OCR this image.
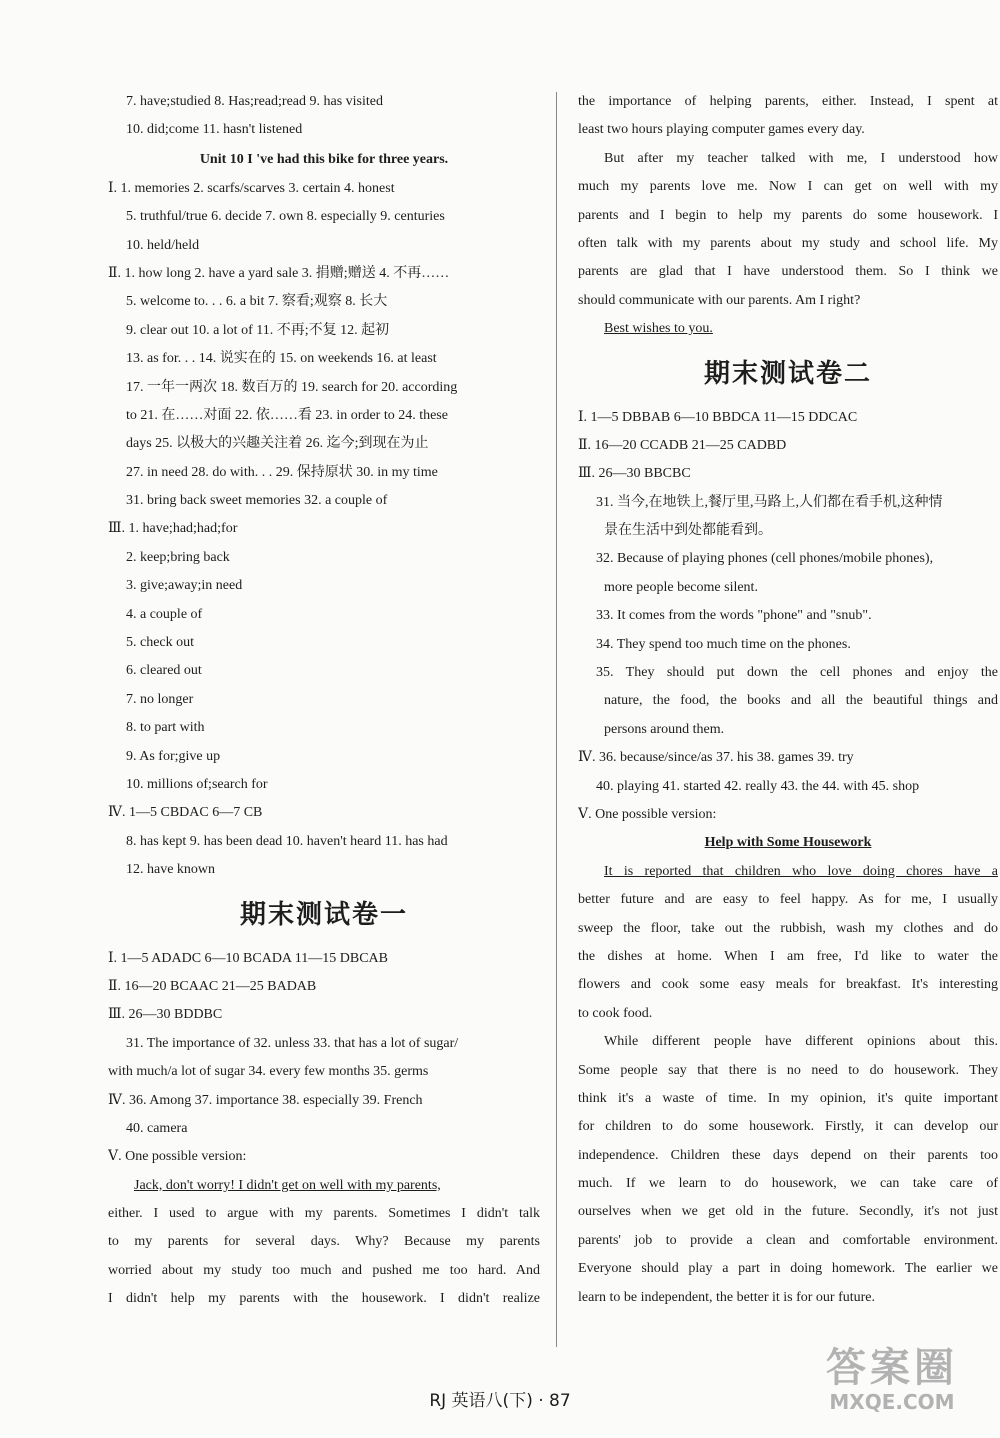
7. have;studied 8. Has;read;read 9. has visited
10. did;come 11. hasn't listened
Unit 10 I 've had this bike for three years.
Ⅰ. 1. memories 2. scarfs/scarves 3. certain 4. honest
5. truthful/true 6. decide 7. own 8. especially 9. centuries
10. held/held
Ⅱ. 1. how long 2. have a yard sale 3. 捐赠;赠送 4. 不再……
5. welcome to. . . 6. a bit 7. 察看;观察 8. 长大
9. clear out 10. a lot of 11. 不再;不复 12. 起初
13. as for. . . 14. 说实在的 15. on weekends 16. at least
17. 一年一两次 18. 数百万的 19. search for 20. according
to 21. 在……对面 22. 依……看 23. in order to 24. these
days 25. 以极大的兴趣关注着 26. 迄今;到现在为止
27. in need 28. do with. . . 29. 保持原状 30. in my time
31. bring back sweet memories 32. a couple of
Ⅲ. 1. have;had;had;for
2. keep;bring back
3. give;away;in need
4. a couple of
5. check out
6. cleared out
7. no longer
8. to part with
9. As for;give up
10. millions of;search for
Ⅳ. 1—5 CBDAC 6—7 CB
8. has kept 9. has been dead 10. haven't heard 11. has had
12. have known
期末测试卷一
Ⅰ. 1—5 ADADC 6—10 BCADA 11—15 DBCAB
Ⅱ. 16—20 BCAAC 21—25 BADAB
Ⅲ. 26—30 BDDBC
31. The importance of 32. unless 33. that has a lot of sugar/
with much/a lot of sugar 34. every few months 35. germs
Ⅳ. 36. Among 37. importance 38. especially 39. French
40. camera
Ⅴ. One possible version:
Jack, don't worry! I didn't get on well with my parents,
either. I used to argue with my parents. Sometimes I didn't talk
to my parents for several days. Why? Because my parents
worried about my study too much and pushed me too hard. And
I didn't help my parents with the housework. I didn't realize
the importance of helping parents, either. Instead, I spent at
least two hours playing computer games every day.
But after my teacher talked with me, I understood how
much my parents love me. Now I can get on well with my
parents and I begin to help my parents do some housework. I
often talk with my parents about my study and school life. My
parents are glad that I have understood them. So I think we
should communicate with our parents. Am I right?
Best wishes to you.
期末测试卷二
Ⅰ. 1—5 DBBAB 6—10 BBDCA 11—15 DDCAC
Ⅱ. 16—20 CCADB 21—25 CADBD
Ⅲ. 26—30 BBCBC
31. 当今,在地铁上,餐厅里,马路上,人们都在看手机,这种情
景在生活中到处都能看到。
32. Because of playing phones (cell phones/mobile phones),
more people become silent.
33. It comes from the words "phone" and "snub".
34. They spend too much time on the phones.
35. They should put down the cell phones and enjoy the
nature, the food, the books and all the beautiful things and
persons around them.
Ⅳ. 36. because/since/as 37. his 38. games 39. try
40. playing 41. started 42. really 43. the 44. with 45. shop
Ⅴ. One possible version:
Help with Some Housework
It is reported that children who love doing chores have a
better future and are easy to feel happy. As for me, I usually
sweep the floor, take out the rubbish, wash my clothes and do
the dishes at home. When I am free, I'd like to water the
flowers and cook some easy meals for breakfast. It's interesting
to cook food.
While different people have different opinions about this.
Some people say that there is no need to do housework. They
think it's a waste of time. In my opinion, it's quite important
for children to do some housework. Firstly, it can develop our
independence. Children these days depend on their parents too
much. If we learn to do housework, we can take care of
ourselves when we get old in the future. Secondly, it's not just
parents' job to provide a clean and comfortable environment.
Everyone should play a part in doing homework. The earlier we
learn to be independent, the better it is for our future.
RJ 英语八(下) · 87
答案圈
MXQE.COM
